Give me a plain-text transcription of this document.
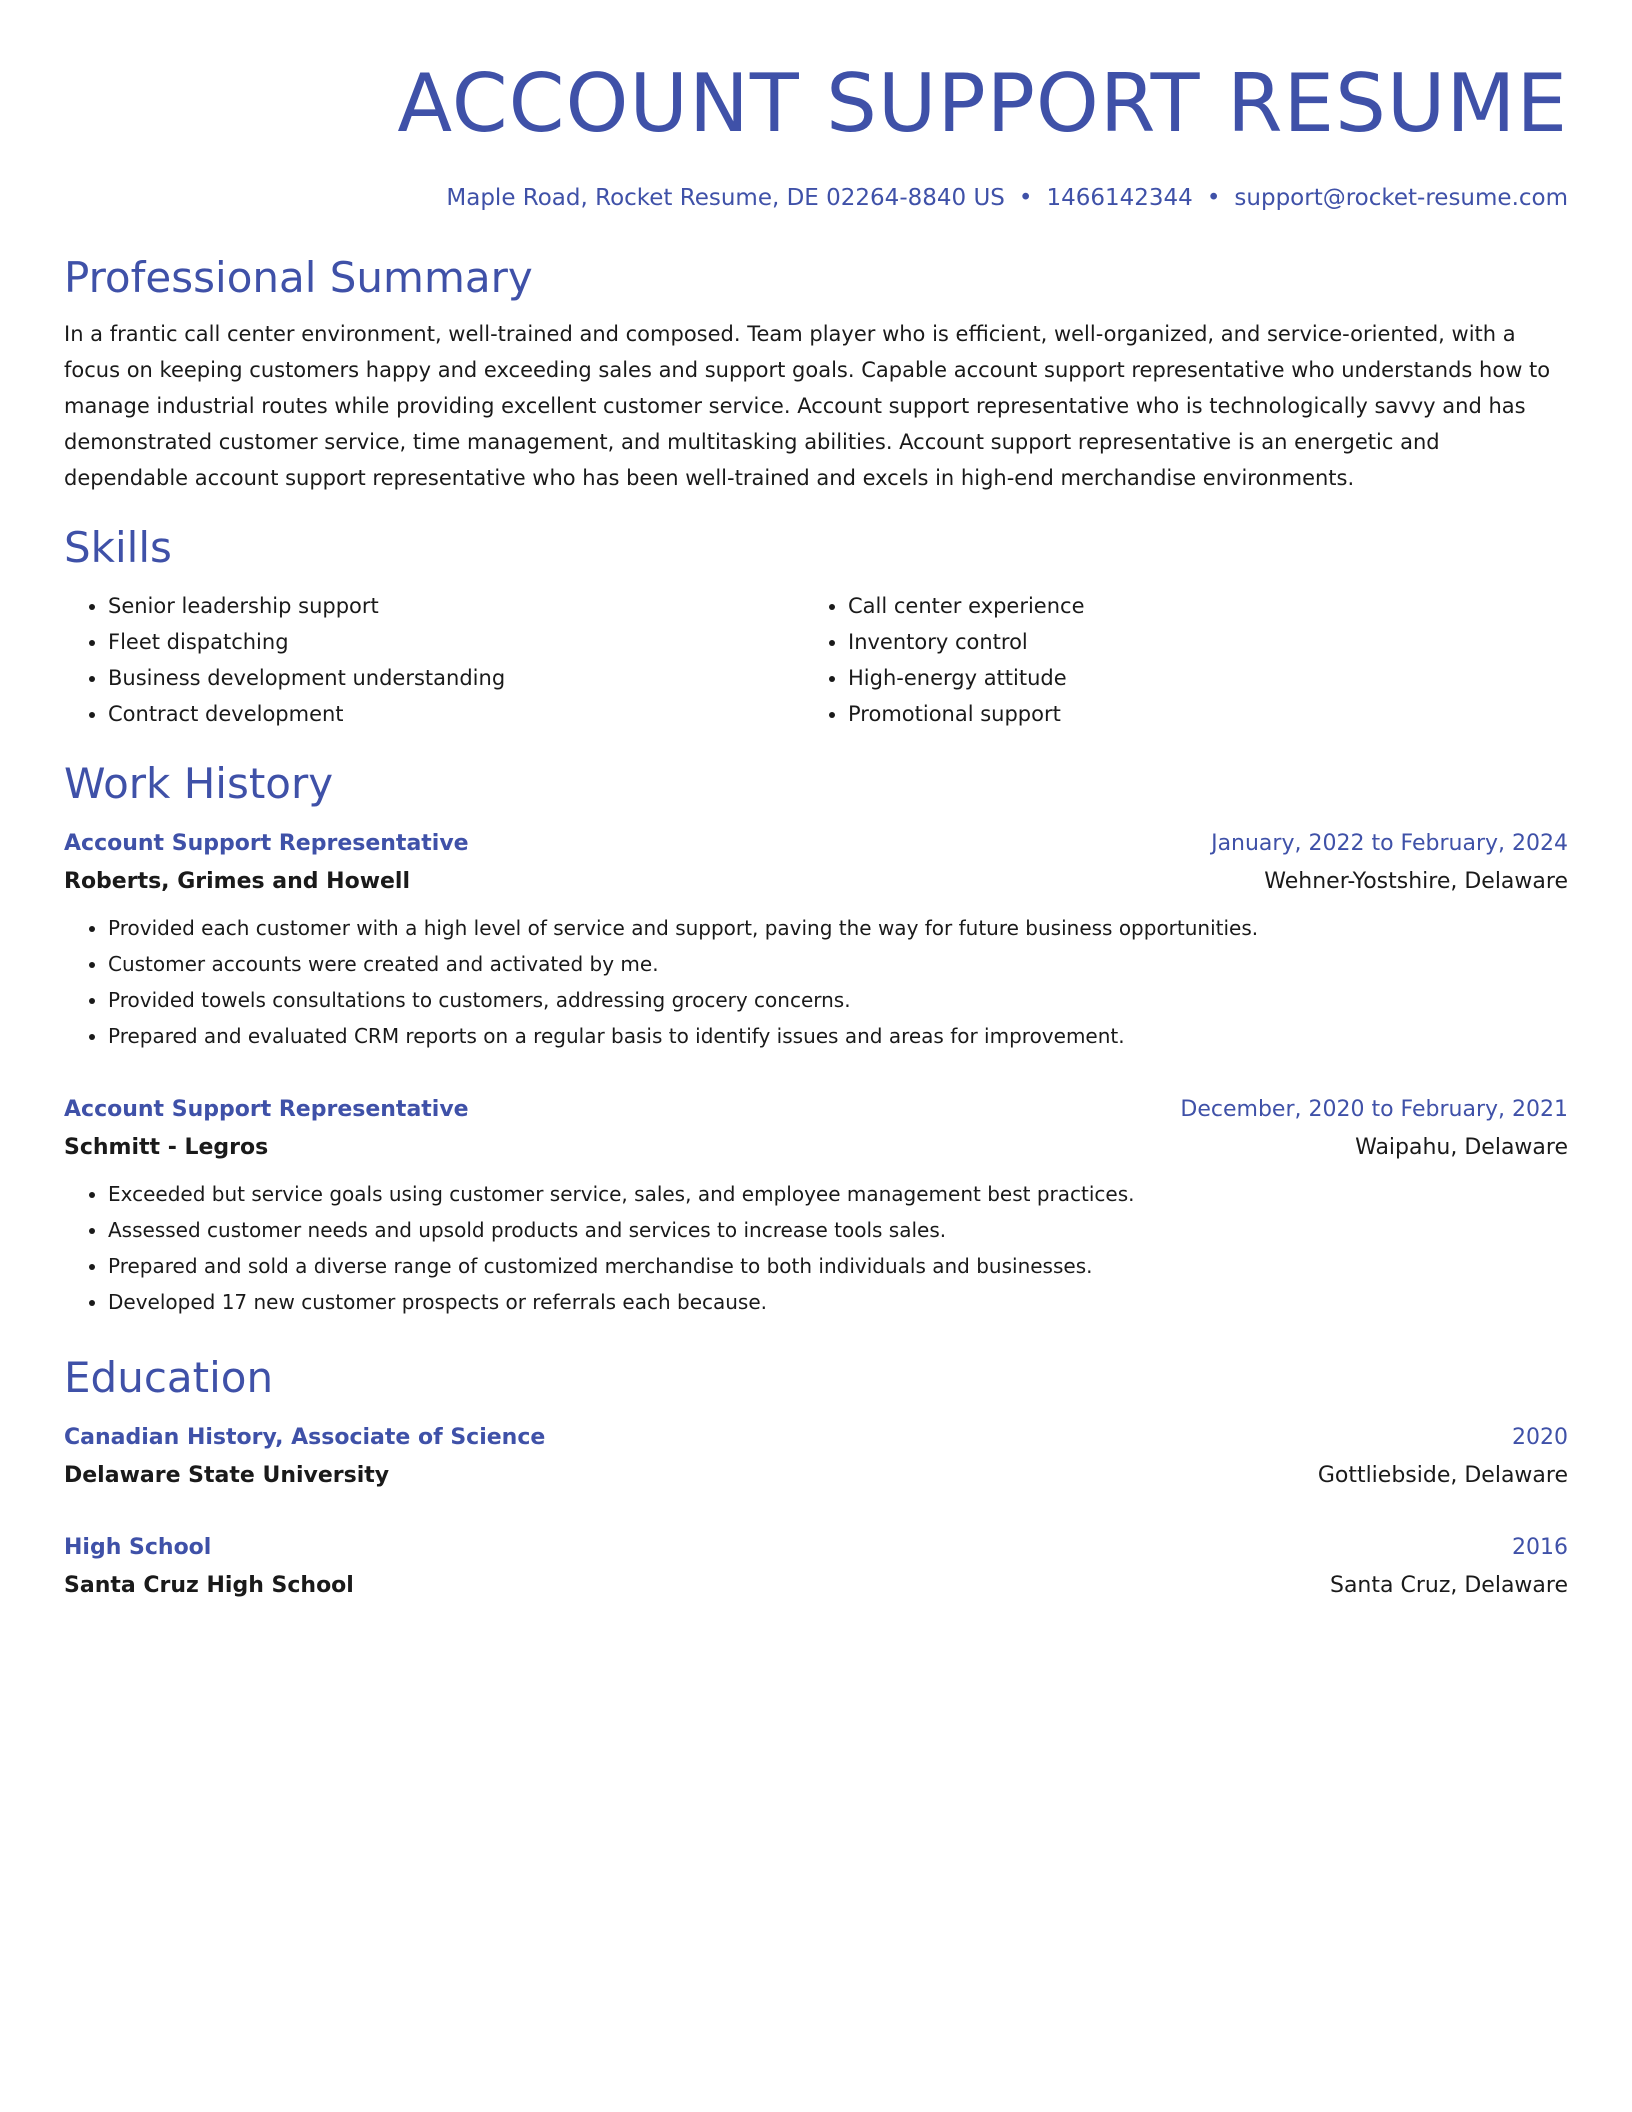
ACCOUNT SUPPORT RESUME
Maple Road, Rocket Resume, DE 02264-8840 US • 1466142344 • support@rocket-resume.com
Professional Summary
In a frantic call center environment, well-trained and composed. Team player who is efficient, well-organized, and service-oriented, with a focus on keeping customers happy and exceeding sales and support goals. Capable account support representative who understands how to manage industrial routes while providing excellent customer service. Account support representative who is technologically savvy and has demonstrated customer service, time management, and multitasking abilities. Account support representative is an energetic and dependable account support representative who has been well-trained and excels in high-end merchandise environments.
Skills
• Senior leadership support
• Fleet dispatching
• Business development understanding
• Contract development
• Call center experience
• Inventory control
• High-energy attitude
• Promotional support
Work History
Account Support Representative	January, 2022 to February, 2024
Roberts, Grimes and Howell	Wehner-Yostshire, Delaware
• Provided each customer with a high level of service and support, paving the way for future business opportunities.
• Customer accounts were created and activated by me.
• Provided towels consultations to customers, addressing grocery concerns.
• Prepared and evaluated CRM reports on a regular basis to identify issues and areas for improvement.
Account Support Representative	December, 2020 to February, 2021
Schmitt - Legros	Waipahu, Delaware
• Exceeded but service goals using customer service, sales, and employee management best practices.
• Assessed customer needs and upsold products and services to increase tools sales.
• Prepared and sold a diverse range of customized merchandise to both individuals and businesses.
• Developed 17 new customer prospects or referrals each because.
Education
Canadian History, Associate of Science	2020
Delaware State University	Gottliebside, Delaware
High School	2016
Santa Cruz High School	Santa Cruz, Delaware
